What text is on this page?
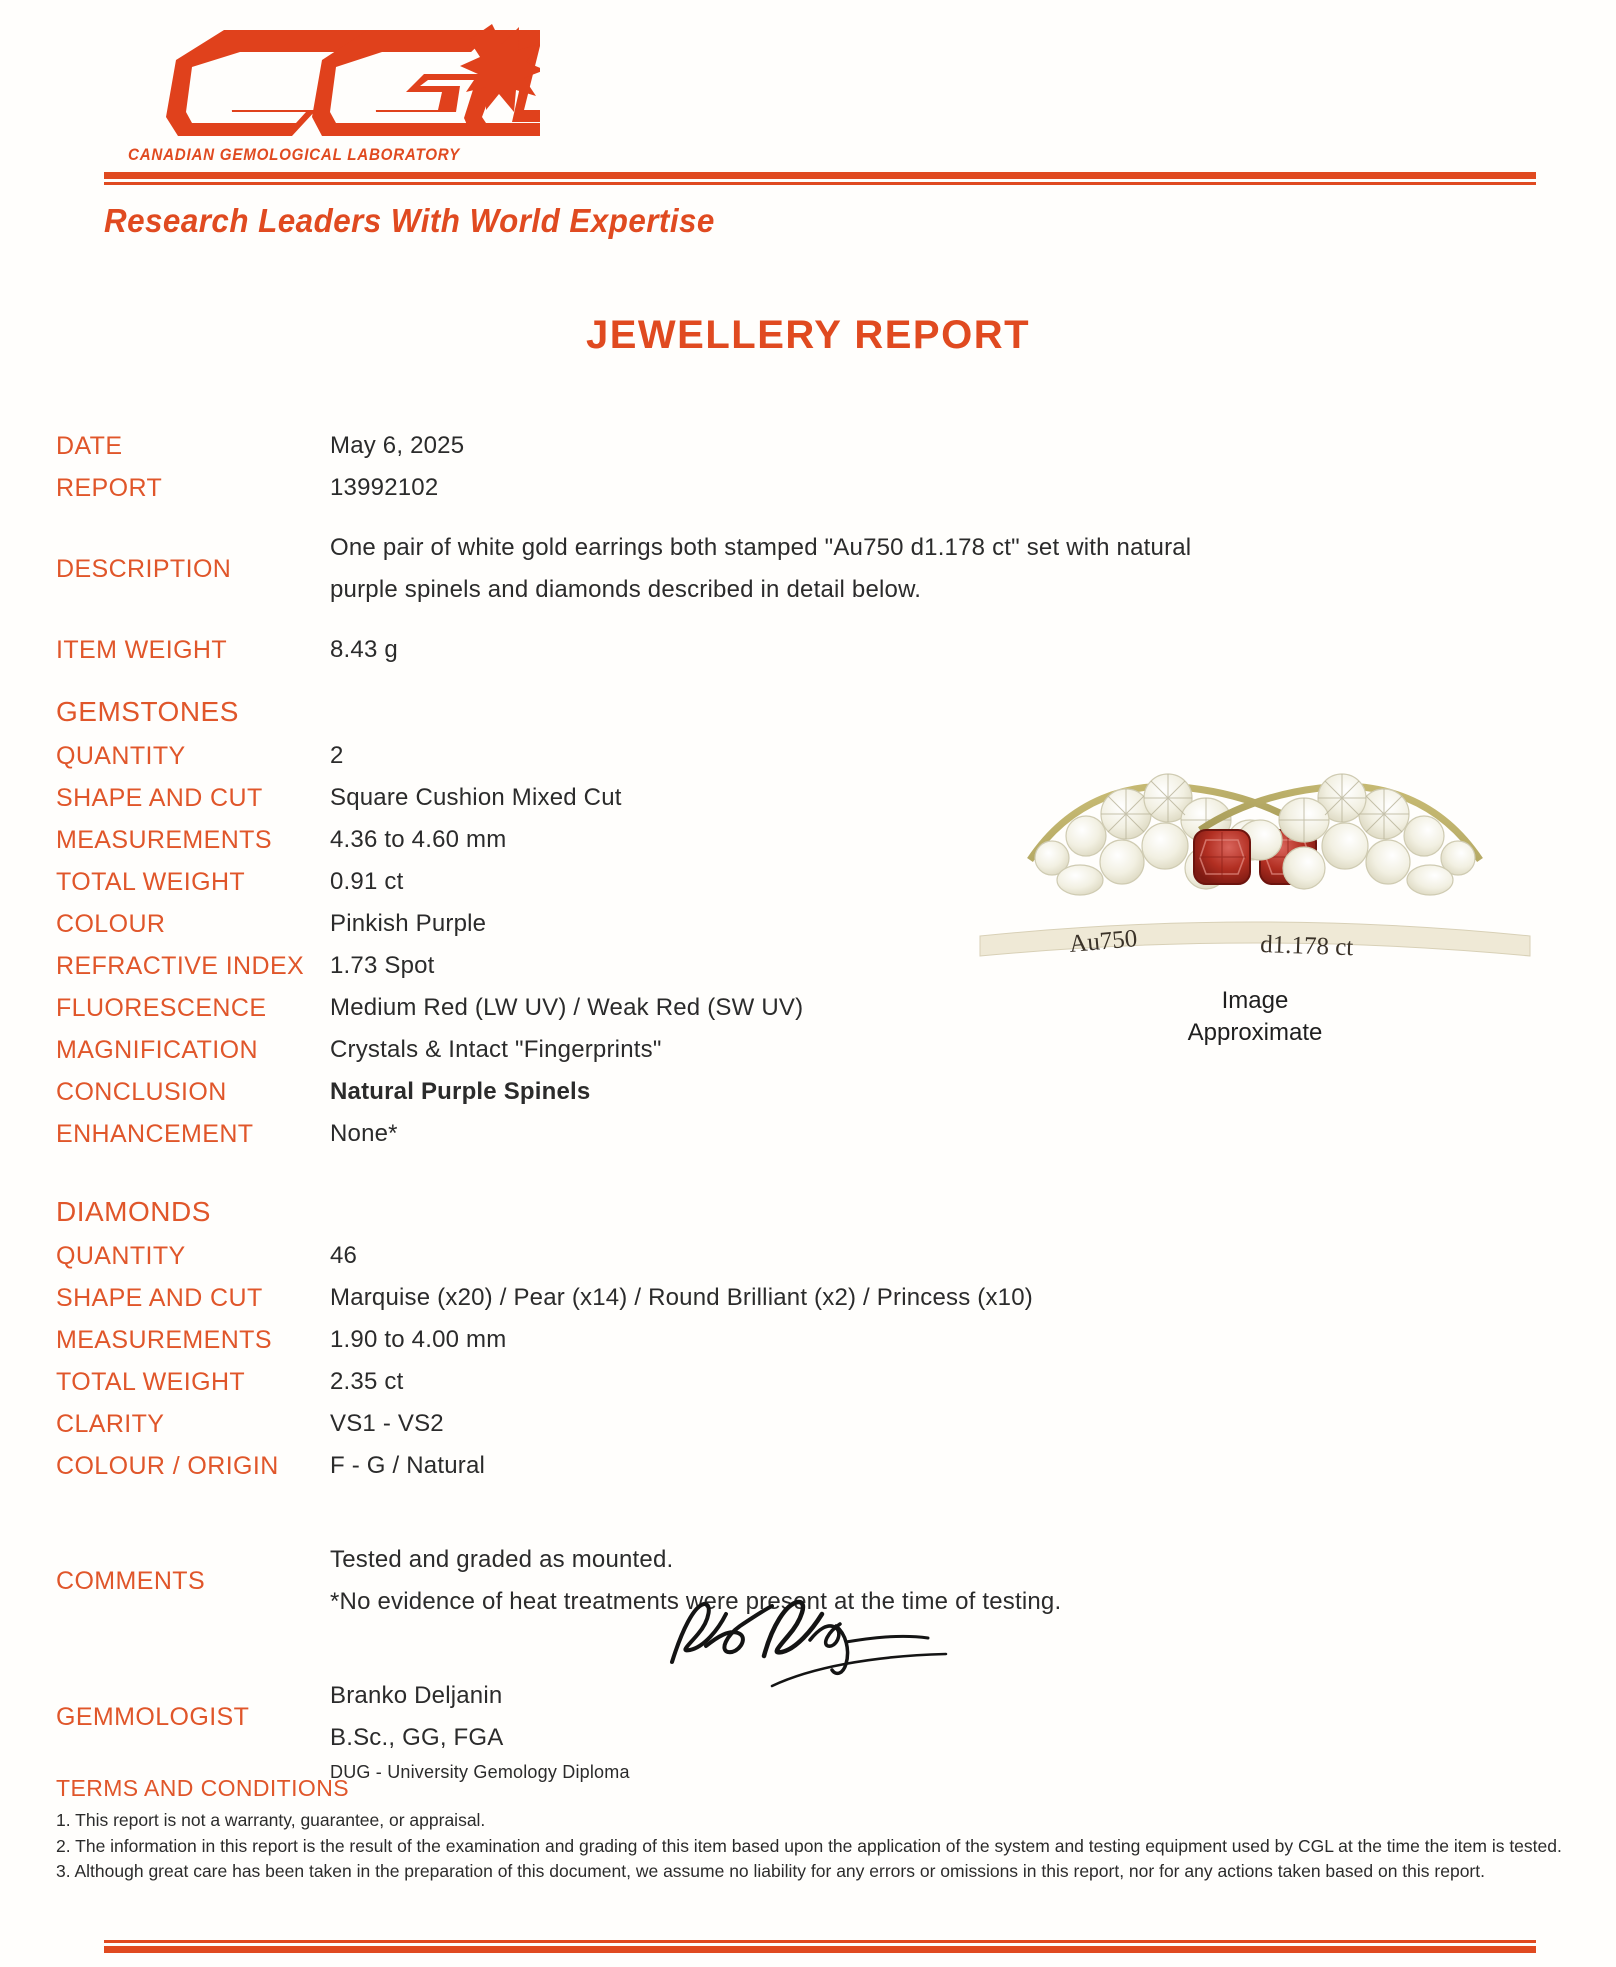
CANADIAN GEMOLOGICAL LABORATORY
Research Leaders With World Expertise
JEWELLERY REPORT
DATE	May 6, 2025
REPORT	13992102
DESCRIPTION
One pair of white gold earrings both stamped "Au750 d1.178 ct" set with natural
purple spinels and diamonds described in detail below.
ITEM WEIGHT	8.43 g
GEMSTONES
QUANTITY	2
SHAPE AND CUT	Square Cushion Mixed Cut
MEASUREMENTS	4.36 to 4.60 mm
TOTAL WEIGHT	0.91 ct
COLOUR	Pinkish Purple
REFRACTIVE INDEX	1.73 Spot
FLUORESCENCE	Medium Red (LW UV) / Weak Red (SW UV)
MAGNIFICATION	Crystals & Intact "Fingerprints"
CONCLUSION	Natural Purple Spinels
ENHANCEMENT	None*
DIAMONDS
QUANTITY	46
SHAPE AND CUT	Marquise (x20) / Pear (x14) / Round Brilliant (x2) / Princess (x10)
MEASUREMENTS	1.90 to 4.00 mm
TOTAL WEIGHT	2.35 ct
CLARITY	VS1 - VS2
COLOUR / ORIGIN	F - G / Natural
COMMENTS
Tested and graded as mounted.
*No evidence of heat treatments were present at the time of testing.
GEMMOLOGIST
Branko Deljanin
B.Sc., GG, FGA
DUG - University Gemology Diploma
Au750	d1.178 ct
Image
Approximate
TERMS AND CONDITIONS

1. This report is not a warranty, guarantee, or appraisal.

2. The information in this report is the result of the examination and grading of this item based upon the application of the system and testing equipment used by CGL at the time the item is tested.

3. Although great care has been taken in the preparation of this document, we assume no liability for any errors or omissions in this report, nor for any actions taken based on this report.
